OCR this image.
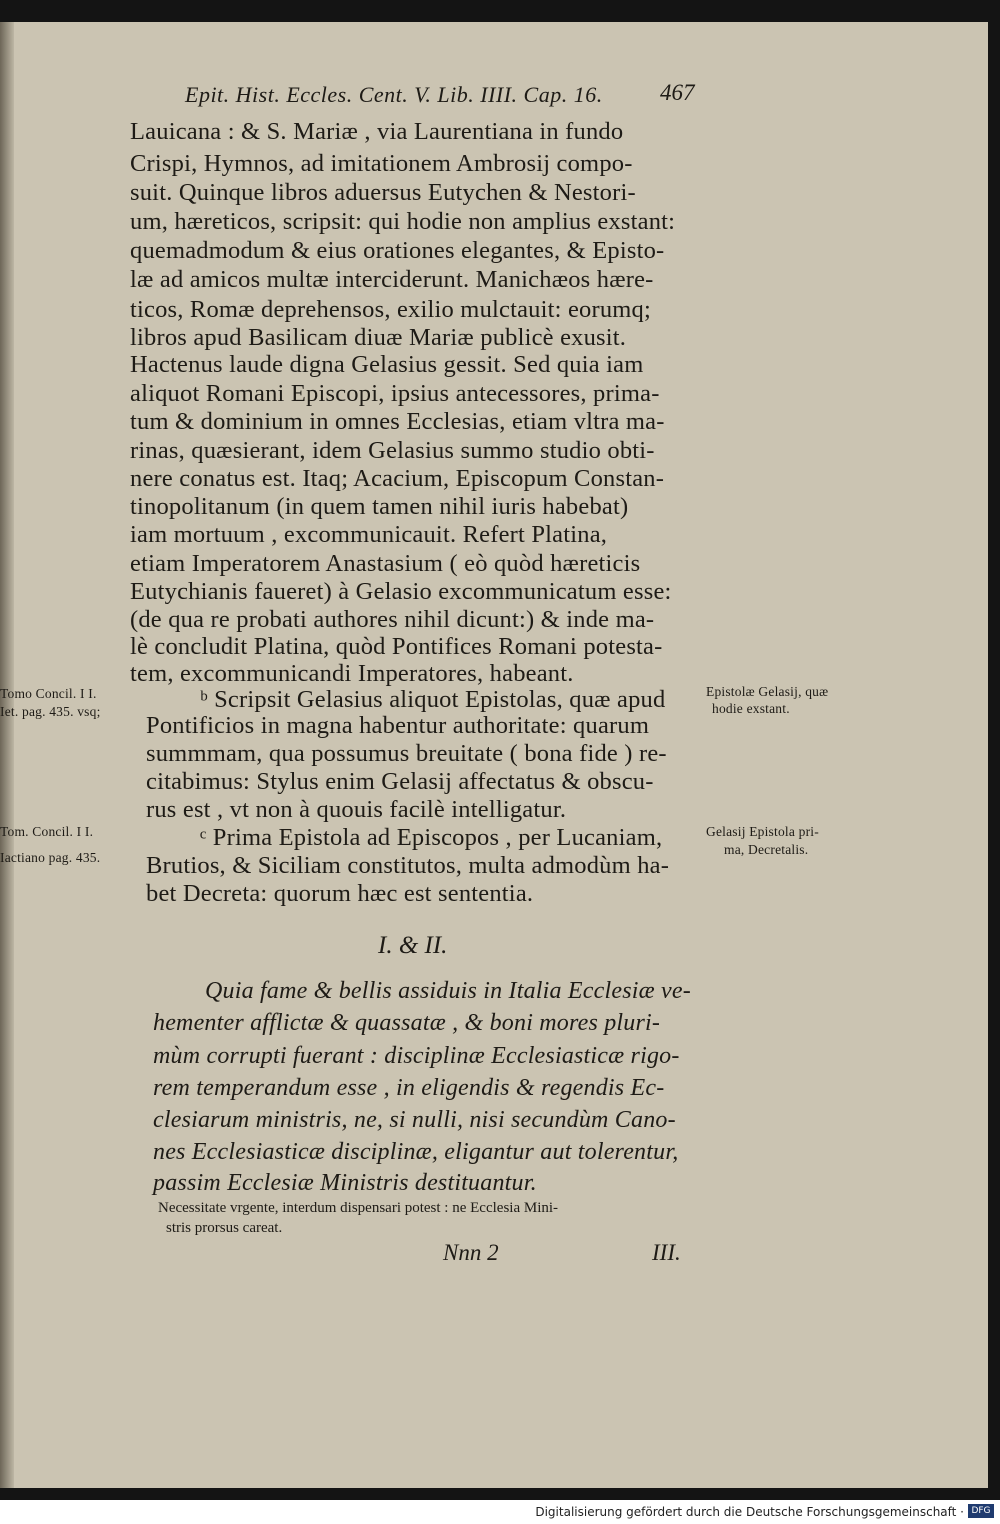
Epit. Hist. Eccles. Cent. V. Lib. IIII. Cap. 16. 467

Lauicana : & S. Mariæ , via Laurentiana in fundo

Crispi, Hymnos, ad imitationem Ambrosij compo-

suit. Quinque libros aduersus Eutychen & Nestori-

um, hæreticos, scripsit: qui hodie non amplius exstant:

quemadmodum & eius orationes elegantes, & Episto-

læ ad amicos multæ interciderunt. Manichæos hære-

ticos, Romæ deprehensos, exilio mulctauit: eorumq;

libros apud Basilicam diuæ Mariæ publicè exusit.

Hactenus laude digna Gelasius gessit. Sed quia iam

aliquot Romani Episcopi, ipsius antecessores, prima-

tum & dominium in omnes Ecclesias, etiam vltra ma-

rinas, quæsierant, idem Gelasius summo studio obti-

nere conatus est. Itaq; Acacium, Episcopum Constan-

tinopolitanum (in quem tamen nihil iuris habebat)

iam mortuum , excommunicauit. Refert Platina,

etiam Imperatorem Anastasium ( eò quòd hæreticis

Eutychianis faueret) à Gelasio excommunicatum esse:

(de qua re probati authores nihil dicunt:) & inde ma-

lè concludit Platina, quòd Pontifices Romani potesta-

tem, excommunicandi Imperatores, habeant.

ᵇ Scripsit Gelasius aliquot Epistolas, quæ apud

Pontificios in magna habentur authoritate: quarum

summmam, qua possumus breuitate ( bona fide ) re-

citabimus: Stylus enim Gelasij affectatus & obscu-

rus est , vt non à quouis facilè intelligatur.

ᶜ Prima Epistola ad Episcopos , per Lucaniam,

Brutios, & Siciliam constitutos, multa admodùm ha-

bet Decreta: quorum hæc est sententia.

Tomo Concil. I I.

Iet. pag. 435. vsq;

Tom. Concil. I I.

Iactiano pag. 435.

Epistolæ Gelasij, quæ

hodie exstant.

Gelasij Epistola pri-

ma, Decretalis.

I. & II.

Quia fame & bellis assiduis in Italia Ecclesiæ ve-

hementer afflictæ & quassatæ , & boni mores pluri-

mùm corrupti fuerant : disciplinæ Ecclesiasticæ rigo-

rem temperandum esse , in eligendis & regendis Ec-

clesiarum ministris, ne, si nulli, nisi secundùm Cano-

nes Ecclesiasticæ disciplinæ, eligantur aut tolerentur,

passim Ecclesiæ Ministris destituantur.

Necessitate vrgente, interdum dispensari potest : ne Ecclesia Mini-

stris prorsus careat.

Nnn 2	III.

Digitalisierung gefördert durch die Deutsche Forschungsgemeinschaft · DFG
